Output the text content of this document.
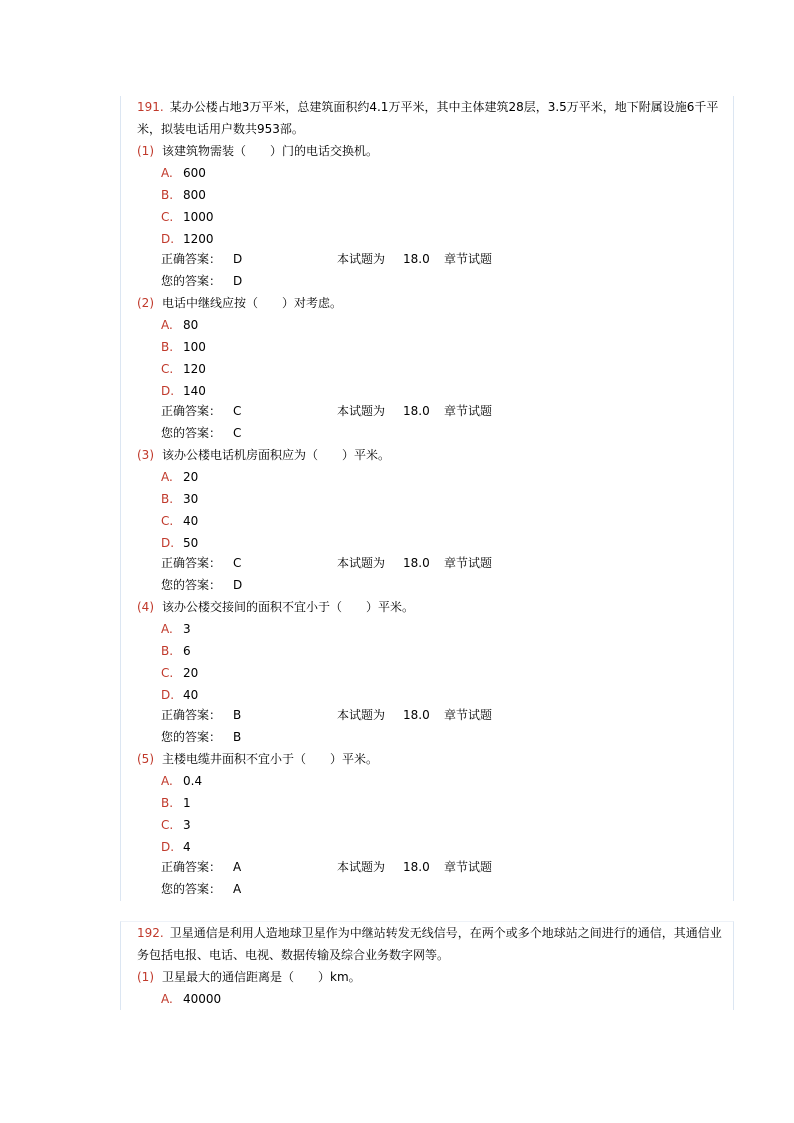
191. 某办公楼占地3万平米，总建筑面积约4.1万平米，其中主体建筑28层，3.5万平米，地下附属设施6千平米，拟装电话用户数共953部。
(1) 该建筑物需装（　　）门的电话交换机。
A. 600
B. 800
C. 1000
D. 1200
正确答案： D	本试题为 18.0 章节试题
您的答案： D
(2) 电话中继线应按（　　）对考虑。
A. 80
B. 100
C. 120
D. 140
正确答案： C	本试题为 18.0 章节试题
您的答案： C
(3) 该办公楼电话机房面积应为（　　）平米。
A. 20
B. 30
C. 40
D. 50
正确答案： C	本试题为 18.0 章节试题
您的答案： D
(4) 该办公楼交接间的面积不宜小于（　　）平米。
A. 3
B. 6
C. 20
D. 40
正确答案： B	本试题为 18.0 章节试题
您的答案： B
(5) 主楼电缆井面积不宜小于（　　）平米。
A. 0.4
B. 1
C. 3
D. 4
正确答案： A	本试题为 18.0 章节试题
您的答案： A
192. 卫星通信是利用人造地球卫星作为中继站转发无线信号，在两个或多个地球站之间进行的通信，其通信业务包括电报、电话、电视、数据传输及综合业务数字网等。
(1) 卫星最大的通信距离是（　　）km。
A. 40000
